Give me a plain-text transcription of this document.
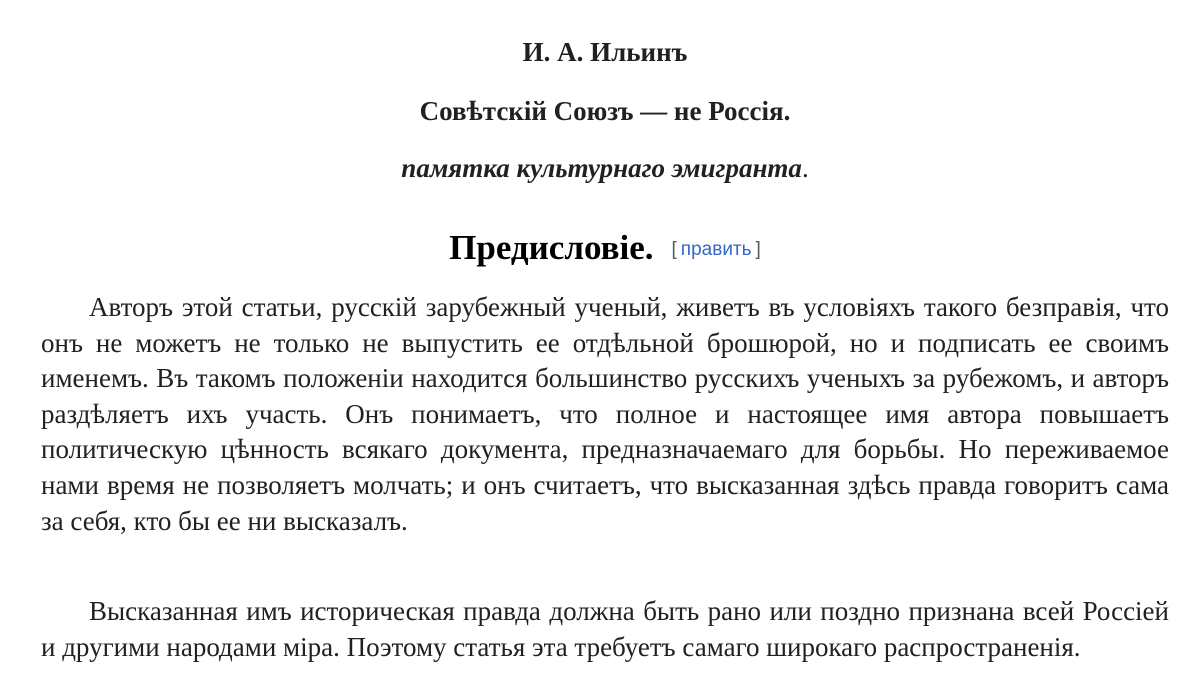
И. А. Ильинъ
Совѣтскій Союзъ — не Россія.
памятка культурнаго эмигранта.
Предисловіе. [ править ]

Авторъ этой статьи, русскій зарубежный ученый, живетъ въ условіяхъ такого безправія, что онъ не можетъ не только не выпустить ее отдѣльной брошюрой, но и подписать ее своимъ именемъ. Въ такомъ положеніи находится большинство русскихъ ученыхъ за рубежомъ, и авторъ раздѣляетъ ихъ участь. Онъ понимаетъ, что полное и настоящее имя автора повышаетъ политическую цѣнность всякаго документа, предназначаемаго для борьбы. Но переживаемое нами время не позволяетъ молчать; и онъ считаетъ, что высказанная здѣсь правда говоритъ сама за себя, кто бы ее ни высказалъ.

Высказанная имъ историческая правда должна быть рано или поздно признана всей Россіей и другими народами міра. Поэтому статья эта требуетъ самаго широкаго распространенія.
